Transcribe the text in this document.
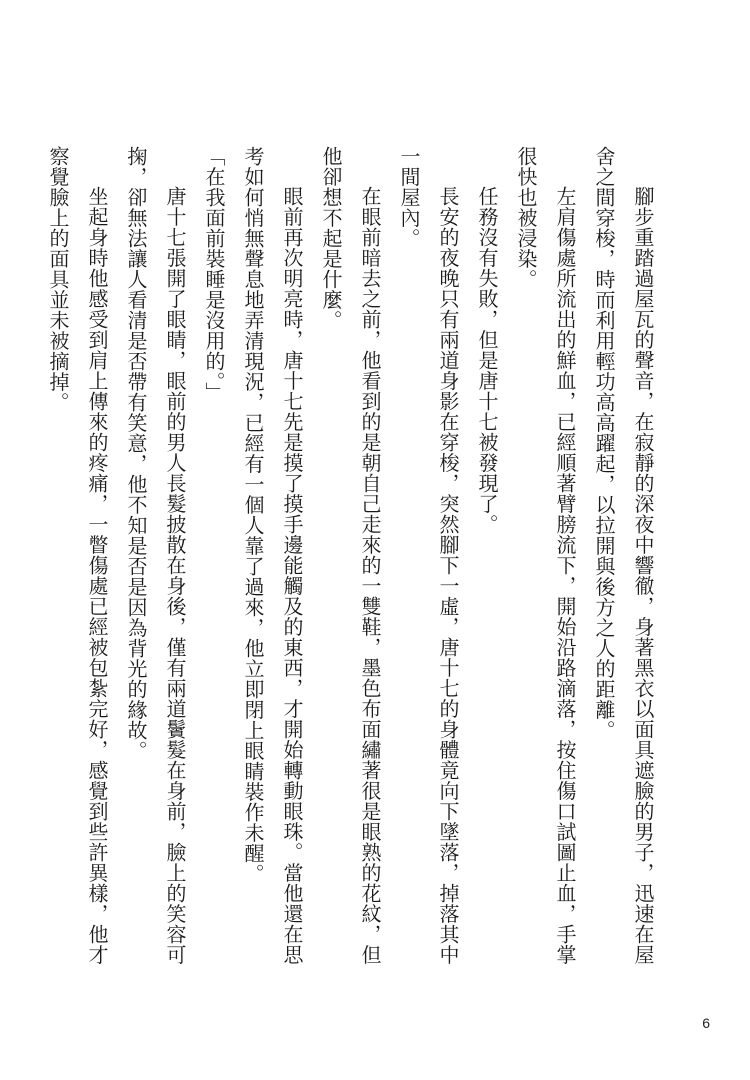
腳步重踏過屋瓦的聲音，在寂靜的深夜中響徹，身著黑衣以面具遮臉的男子，迅速在屋舍之間穿梭，時而利用輕功高高躍起，以拉開與後方之人的距離。

左肩傷處所流出的鮮血，已經順著臂膀流下，開始沿路滴落，按住傷口試圖止血，手掌很快也被浸染。

任務沒有失敗，但是唐十七被發現了。

長安的夜晚只有兩道身影在穿梭，突然腳下一虛，唐十七的身體竟向下墜落，掉落其中一間屋內。

在眼前暗去之前，他看到的是朝自己走來的一雙鞋，墨色布面繡著很是眼熟的花紋，但他卻想不起是什麼。

眼前再次明亮時，唐十七先是摸了摸手邊能觸及的東西，才開始轉動眼珠。當他還在思考如何悄無聲息地弄清現況，已經有一個人靠了過來，他立即閉上眼睛裝作未醒。

「在我面前裝睡是沒用的。」

唐十七張開了眼睛，眼前的男人長髮披散在身後，僅有兩道鬢髮在身前，臉上的笑容可掬，卻無法讓人看清是否帶有笑意，他不知是否是因為背光的緣故。

坐起身時他感受到肩上傳來的疼痛，一瞥傷處已經被包紮完好，感覺到些許異樣，他才察覺臉上的面具並未被摘掉。

6
